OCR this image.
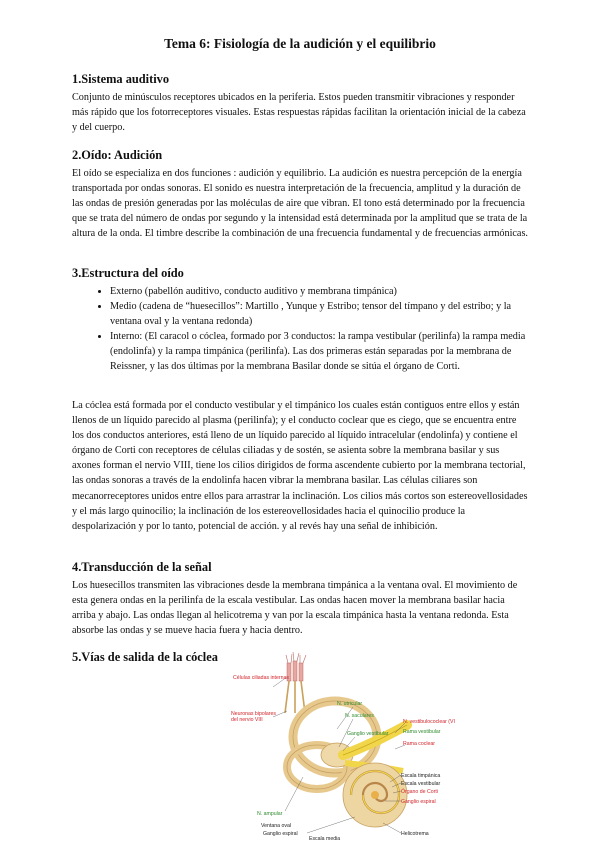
Tema 6: Fisiología de la audición y el equilibrio
1.Sistema auditivo

Conjunto de minúsculos receptores ubicados en la periferia. Estos pueden transmitir vibraciones y responder más rápido que los fotorreceptores visuales. Estas respuestas rápidas facilitan la orientación inicial de la cabeza y del cuerpo.

2.Oído: Audición

El oído se especializa en dos funciones : audición y equilibrio. La audición es nuestra percepción de la energía transportada por ondas sonoras. El sonido es nuestra interpretación de la frecuencia, amplitud y la duración de las ondas de presión generadas por las moléculas de aire que vibran. El tono está determinado por la frecuencia que se trata del número de ondas por segundo y la intensidad está determinada por la amplitud que se trata de la altura de la onda. El timbre describe la combinación de una frecuencia fundamental y de frecuencias armónicas.

3.Estructura del oído
• Externo (pabellón auditivo, conducto auditivo y membrana timpánica)
• Medio (cadena de “huesecillos”: Martillo , Yunque y Estribo; tensor del tímpano y del estribo; y la ventana oval y la ventana redonda)
• Interno: (El caracol o cóclea, formado por 3 conductos: la rampa vestibular (perilinfa) la rampa media (endolinfa) y la rampa timpánica (perilinfa). Las dos primeras están separadas por la membrana de Reissner, y las dos últimas por la membrana Basilar donde se sitúa el órgano de Corti.

La cóclea está formada por el conducto vestibular y el timpánico los cuales están contiguos entre ellos y están llenos de un líquido parecido al plasma (perilinfa); y el conducto coclear que es ciego, que se encuentra entre los dos conductos anteriores, está lleno de un líquido parecido al líquido intracelular (endolinfa) y contiene el órgano de Corti con receptores de células ciliadas y de sostén, se asienta sobre la membrana basilar y sus axones forman el nervio VIII, tiene los cilios dirigidos de forma ascendente cubierto por la membrana tectorial, las ondas sonoras a través de la endolinfa hacen vibrar la membrana basilar. Las células ciliares son mecanorreceptores unidos entre ellos para arrastrar la inclinación. Los cilios más cortos son estereovellosidades y el más largo quinocilio; la inclinación de los estereovellosidades hacia el quinocilio produce la despolarización y por lo tanto, potencial de acción. y al revés hay una señal de inhibición.

4.Transducción de la señal

Los huesecillos transmiten las vibraciones desde la membrana timpánica a la ventana oval. El movimiento de esta genera ondas en la perilinfa de la escala vestibular. Las ondas hacen mover la membrana basilar hacia arriba y abajo. Las ondas llegan al helicotrema y van por la escala timpánica hasta la ventana redonda. Esta absorbe las ondas y se mueve hacia fuera y hacia dentro.

5.Vías de salida de la cóclea
Células ciliadas internas
Neuronas bipolares
del nervio VIII
N. utricular
N. saculares
Ganglio vestibular
N. vestibulococlear (VIII)
Rama vestibular
Rama coclear
N. ampular
Escala timpánica
Escala vestibular
Órgano de Corti
Ganglio espiral
Helicotrema
Ventana oval
Ganglio espiral
Escala media
